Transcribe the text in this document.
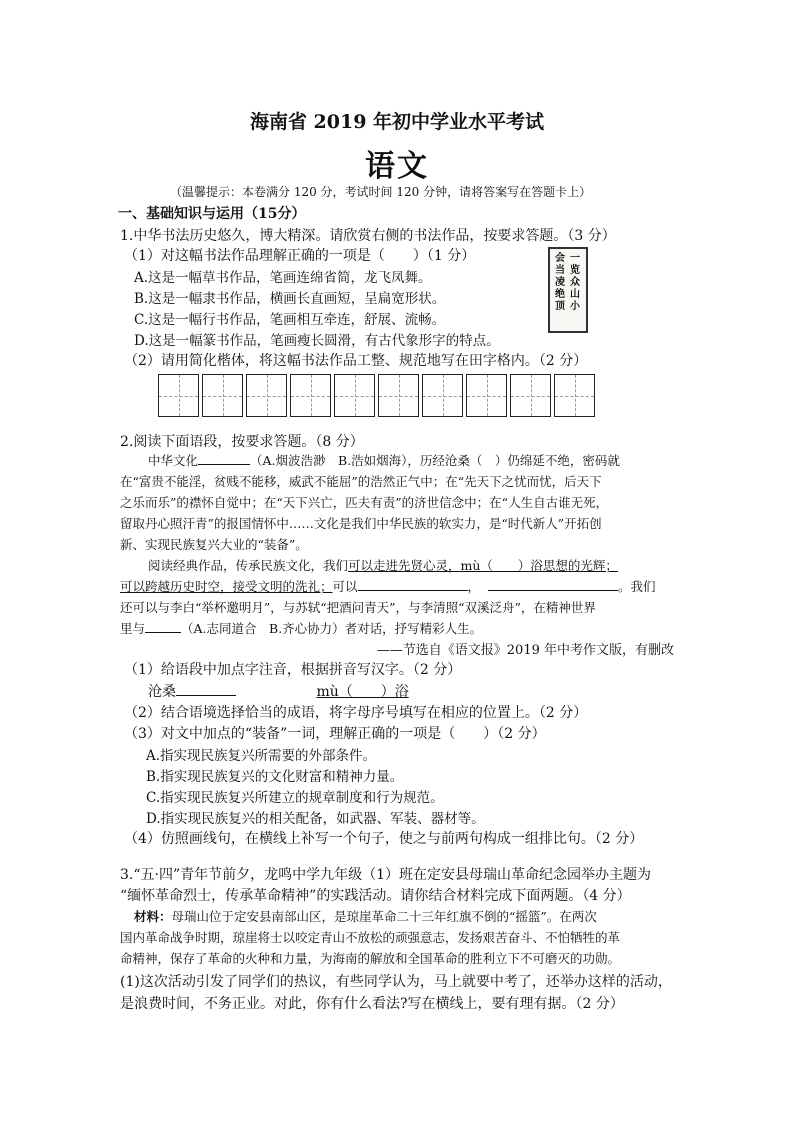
海南省 2019 年初中学业水平考试
语文
（温馨提示：本卷满分 120 分，考试时间 120 分钟，请将答案写在答题卡上）
一、基础知识与运用（15分）
1.中华书法历史悠久，博大精深。请欣赏右侧的书法作品，按要求答题。（3 分）
（1）对这幅书法作品理解正确的一项是（　　）（1 分）
A.这是一幅草书作品，笔画连绵省简，龙飞凤舞。
B.这是一幅隶书作品，横画长直画短，呈扁宽形状。
C.这是一幅行书作品，笔画相互牵连，舒展、流畅。
D.这是一幅篆书作品，笔画瘦长圆滑，有古代象形字的特点。
（2）请用简化楷体，将这幅书法作品工整、规范地写在田字格内。（2 分）
会当凌绝顶
一览众山小
2.阅读下面语段，按要求答题。（8 分）
中华文化	（A.烟波浩渺　B.浩如烟海），历经沧桑（　）仍绵延不绝，密码就
在“富贵不能淫，贫贱不能移，威武不能屈”的浩然正气中；在“先天下之忧而忧，后天下
之乐而乐”的襟怀自觉中；在“天下兴亡，匹夫有责”的济世信念中；在“人生自古谁无死，
留取丹心照汗青”的报国情怀中……文化是我们中华民族的软实力，是“时代新人”开拓创
新、实现民族复兴大业的“装备”。
阅读经典作品，传承民族文化，我们可以走进先贤心灵，mù（　　）浴思想的光辉；
可以跨越历史时空，接受文明的洗礼；可以	，	。我们
还可以与李白“举杯邀明月”，与苏轼“把酒问青天”，与李清照“双溪泛舟”，在精神世界
里与	（A.志同道合　B.齐心协力）者对话，抒写精彩人生。
——节选自《语文报》2019 年中考作文版，有删改
（1）给语段中加点字注音，根据拼音写汉字。（2 分）
沧桑	mù（　　）浴
（2）结合语境选择恰当的成语，将字母序号填写在相应的位置上。（2 分）
（3）对文中加点的“装备”一词，理解正确的一项是（　　）（2 分）
A.指实现民族复兴所需要的外部条件。
B.指实现民族复兴的文化财富和精神力量。
C.指实现民族复兴所建立的规章制度和行为规范。
D.指实现民族复兴的相关配备，如武器、军装、器材等。
（4）仿照画线句，在横线上补写一个句子，使之与前两句构成一组排比句。（2 分）
3.“五·四”青年节前夕，龙鸣中学九年级（1）班在定安县母瑞山革命纪念园举办主题为
“缅怀革命烈士，传承革命精神”的实践活动。请你结合材料完成下面两题。（4 分）
材料：母瑞山位于定安县南部山区，是琼崖革命二十三年红旗不倒的“摇篮”。在两次
国内革命战争时期，琼崖将士以咬定青山不放松的顽强意志，发扬艰苦奋斗、不怕牺牲的革
命精神，保存了革命的火种和力量，为海南的解放和全国革命的胜利立下不可磨灭的功勋。
(1)这次活动引发了同学们的热议，有些同学认为，马上就要中考了，还举办这样的活动，
是浪费时间，不务正业。对此，你有什么看法?写在横线上，要有理有据。（2 分）
